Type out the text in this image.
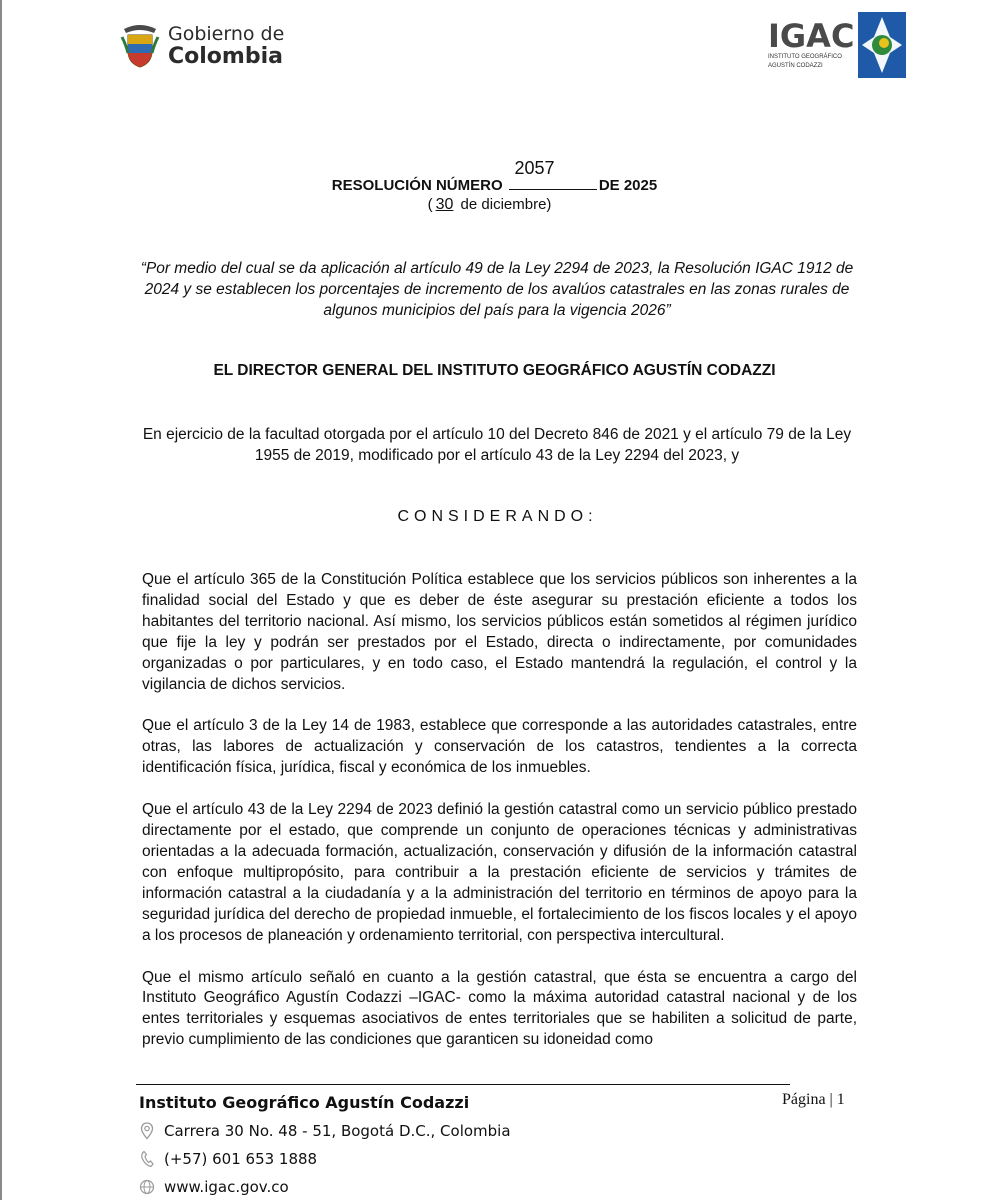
Gobierno de
Colombia
IGAC
INSTITUTO GEOGRÁFICO
AGUSTÍN CODAZZI
2057
RESOLUCIÓN NÚMERO	DE 2025
( 30 de diciembre)
“Por medio del cual se da aplicación al artículo 49 de la Ley 2294 de 2023, la Resolución IGAC 1912 de 2024 y se establecen los porcentajes de incremento de los avalúos catastrales en las zonas rurales de algunos municipios del país para la vigencia 2026”
EL DIRECTOR GENERAL DEL INSTITUTO GEOGRÁFICO AGUSTÍN CODAZZI
En ejercicio de la facultad otorgada por el artículo 10 del Decreto 846 de 2021 y el artículo 79 de la Ley 1955 de 2019, modificado por el artículo 43 de la Ley 2294 del 2023, y
CONSIDERANDO:

Que el artículo 365 de la Constitución Política establece que los servicios públicos son inherentes a la finalidad social del Estado y que es deber de éste asegurar su prestación eficiente a todos los habitantes del territorio nacional. Así mismo, los servicios públicos están sometidos al régimen jurídico que fije la ley y podrán ser prestados por el Estado, directa o indirectamente, por comunidades organizadas o por particulares, y en todo caso, el Estado mantendrá la regulación, el control y la vigilancia de dichos servicios.

Que el artículo 3 de la Ley 14 de 1983, establece que corresponde a las autoridades catastrales, entre otras, las labores de actualización y conservación de los catastros, tendientes a la correcta identificación física, jurídica, fiscal y económica de los inmuebles.

Que el artículo 43 de la Ley 2294 de 2023 definió la gestión catastral como un servicio público prestado directamente por el estado, que comprende un conjunto de operaciones técnicas y administrativas orientadas a la adecuada formación, actualización, conservación y difusión de la información catastral con enfoque multipropósito, para contribuir a la prestación eficiente de servicios y trámites de información catastral a la ciudadanía y a la administración del territorio en términos de apoyo para la seguridad jurídica del derecho de propiedad inmueble, el fortalecimiento de los fiscos locales y el apoyo a los procesos de planeación y ordenamiento territorial, con perspectiva intercultural.

Que el mismo artículo señaló en cuanto a la gestión catastral, que ésta se encuentra a cargo del Instituto Geográfico Agustín Codazzi –IGAC- como la máxima autoridad catastral nacional y de los entes territoriales y esquemas asociativos de entes territoriales que se habiliten a solicitud de parte, previo cumplimiento de las condiciones que garanticen su idoneidad como

Instituto Geográfico Agustín Codazzi	Página | 1
Carrera 30 No. 48 - 51, Bogotá D.C., Colombia
(+57) 601 653 1888
www.igac.gov.co
